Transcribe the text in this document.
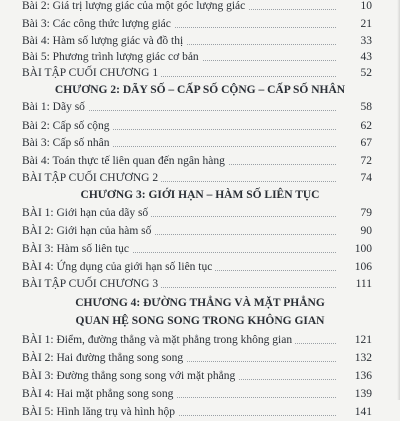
Bài 2: Giá trị lượng giác của một góc lượng giác	10
Bài 3: Các công thức lượng giác	21
Bài 4: Hàm số lượng giác và đồ thị	33
Bài 5: Phương trình lượng giác cơ bản	43
BÀI TẬP CUỐI CHƯƠNG 1	52
CHƯƠNG 2: DÃY SỐ – CẤP SỐ CỘNG – CẤP SỐ NHÂN
Bài 1: Dãy số	58
Bài 2: Cấp số cộng	62
Bài 3: Cấp số nhân	67
Bài 4: Toán thực tế liên quan đến ngân hàng	72
BÀI TẬP CUỐI CHƯƠNG 2	74
CHƯƠNG 3: GIỚI HẠN – HÀM SỐ LIÊN TỤC
BÀI 1: Giới hạn của dãy số	79
BÀI 2: Giới hạn của hàm số	90
BÀI 3: Hàm số liên tục	100
BÀI 4: Ứng dụng của giới hạn số liên tục	106
BÀI TẬP CUỐI CHƯƠNG 3	111
CHƯƠNG 4: ĐƯỜNG THẲNG VÀ MẶT PHẲNG
QUAN HỆ SONG SONG TRONG KHÔNG GIAN
BÀI 1: Điểm, đường thẳng và mặt phẳng trong không gian	121
BÀI 2: Hai đường thẳng song song	132
BÀI 3: Đường thẳng song song với mặt phẳng	136
BÀI 4: Hai mặt phẳng song song	139
BÀI 5: Hình lăng trụ và hình hộp	141
